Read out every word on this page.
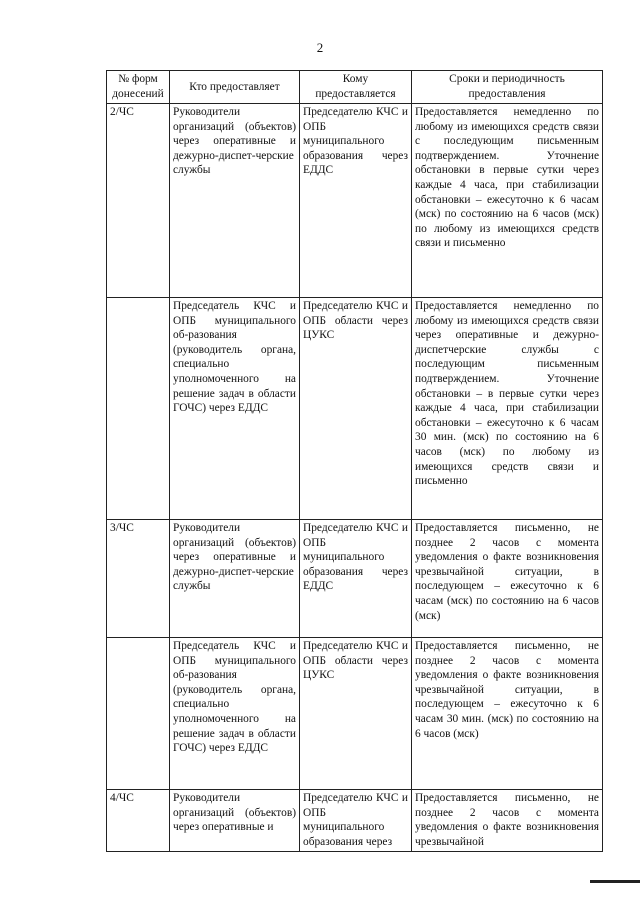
2
№ форм донесений	Кто предоставляет	Кому предоставляется	Сроки и периодичность предоставления
2/ЧС	Руководители организаций (объектов) через оперативные и дежурно-диспет-черские службы	Председателю КЧС и ОПБ муниципального образования через ЕДДС	Предоставляется немедленно по любому из имеющихся средств связи с последующим письменным подтверждением. Уточнение обстановки в первые сутки через каждые 4 часа, при стабилизации обстановки – ежесуточно к 6 часам (мск) по состоянию на 6 часов (мск) по любому из имеющихся средств связи и письменно

	Председатель КЧС и ОПБ муниципального об-разования (руководитель органа, специально уполномоченного на решение задач в области ГОЧС) через ЕДДС	Председателю КЧС и ОПБ области через ЦУКС	Предоставляется немедленно по любому из имеющихся средств связи через оперативные и дежурно-диспетчерские службы с последующим письменным подтверждением. Уточнение обстановки – в первые сутки через каждые 4 часа, при стабилизации обстановки – ежесуточно к 6 часам 30 мин. (мск) по состоянию на 6 часов (мск) по любому из имеющихся средств связи и письменно

3/ЧС	Руководители организаций (объектов) через оперативные и дежурно-диспет-черские службы	Председателю КЧС и ОПБ муниципального образования через ЕДДС	Предоставляется письменно, не позднее 2 часов с момента уведомления о факте возникновения чрезвычайной ситуации, в последующем – ежесуточно к 6 часам (мск) по состоянию на 6 часов (мск)

	Председатель КЧС и ОПБ муниципального об-разования (руководитель органа, специально уполномоченного на решение задач в области ГОЧС) через ЕДДС	Председателю КЧС и ОПБ области через ЦУКС	Предоставляется письменно, не позднее 2 часов с момента уведомления о факте возникновения чрезвычайной ситуации, в последующем – ежесуточно к 6 часам 30 мин. (мск) по состоянию на 6 часов (мск)

4/ЧС	Руководители организаций (объектов) через оперативные и	Председателю КЧС и ОПБ муниципального образования через	Предоставляется письменно, не позднее 2 часов с момента уведомления о факте возникновения чрезвычайной
